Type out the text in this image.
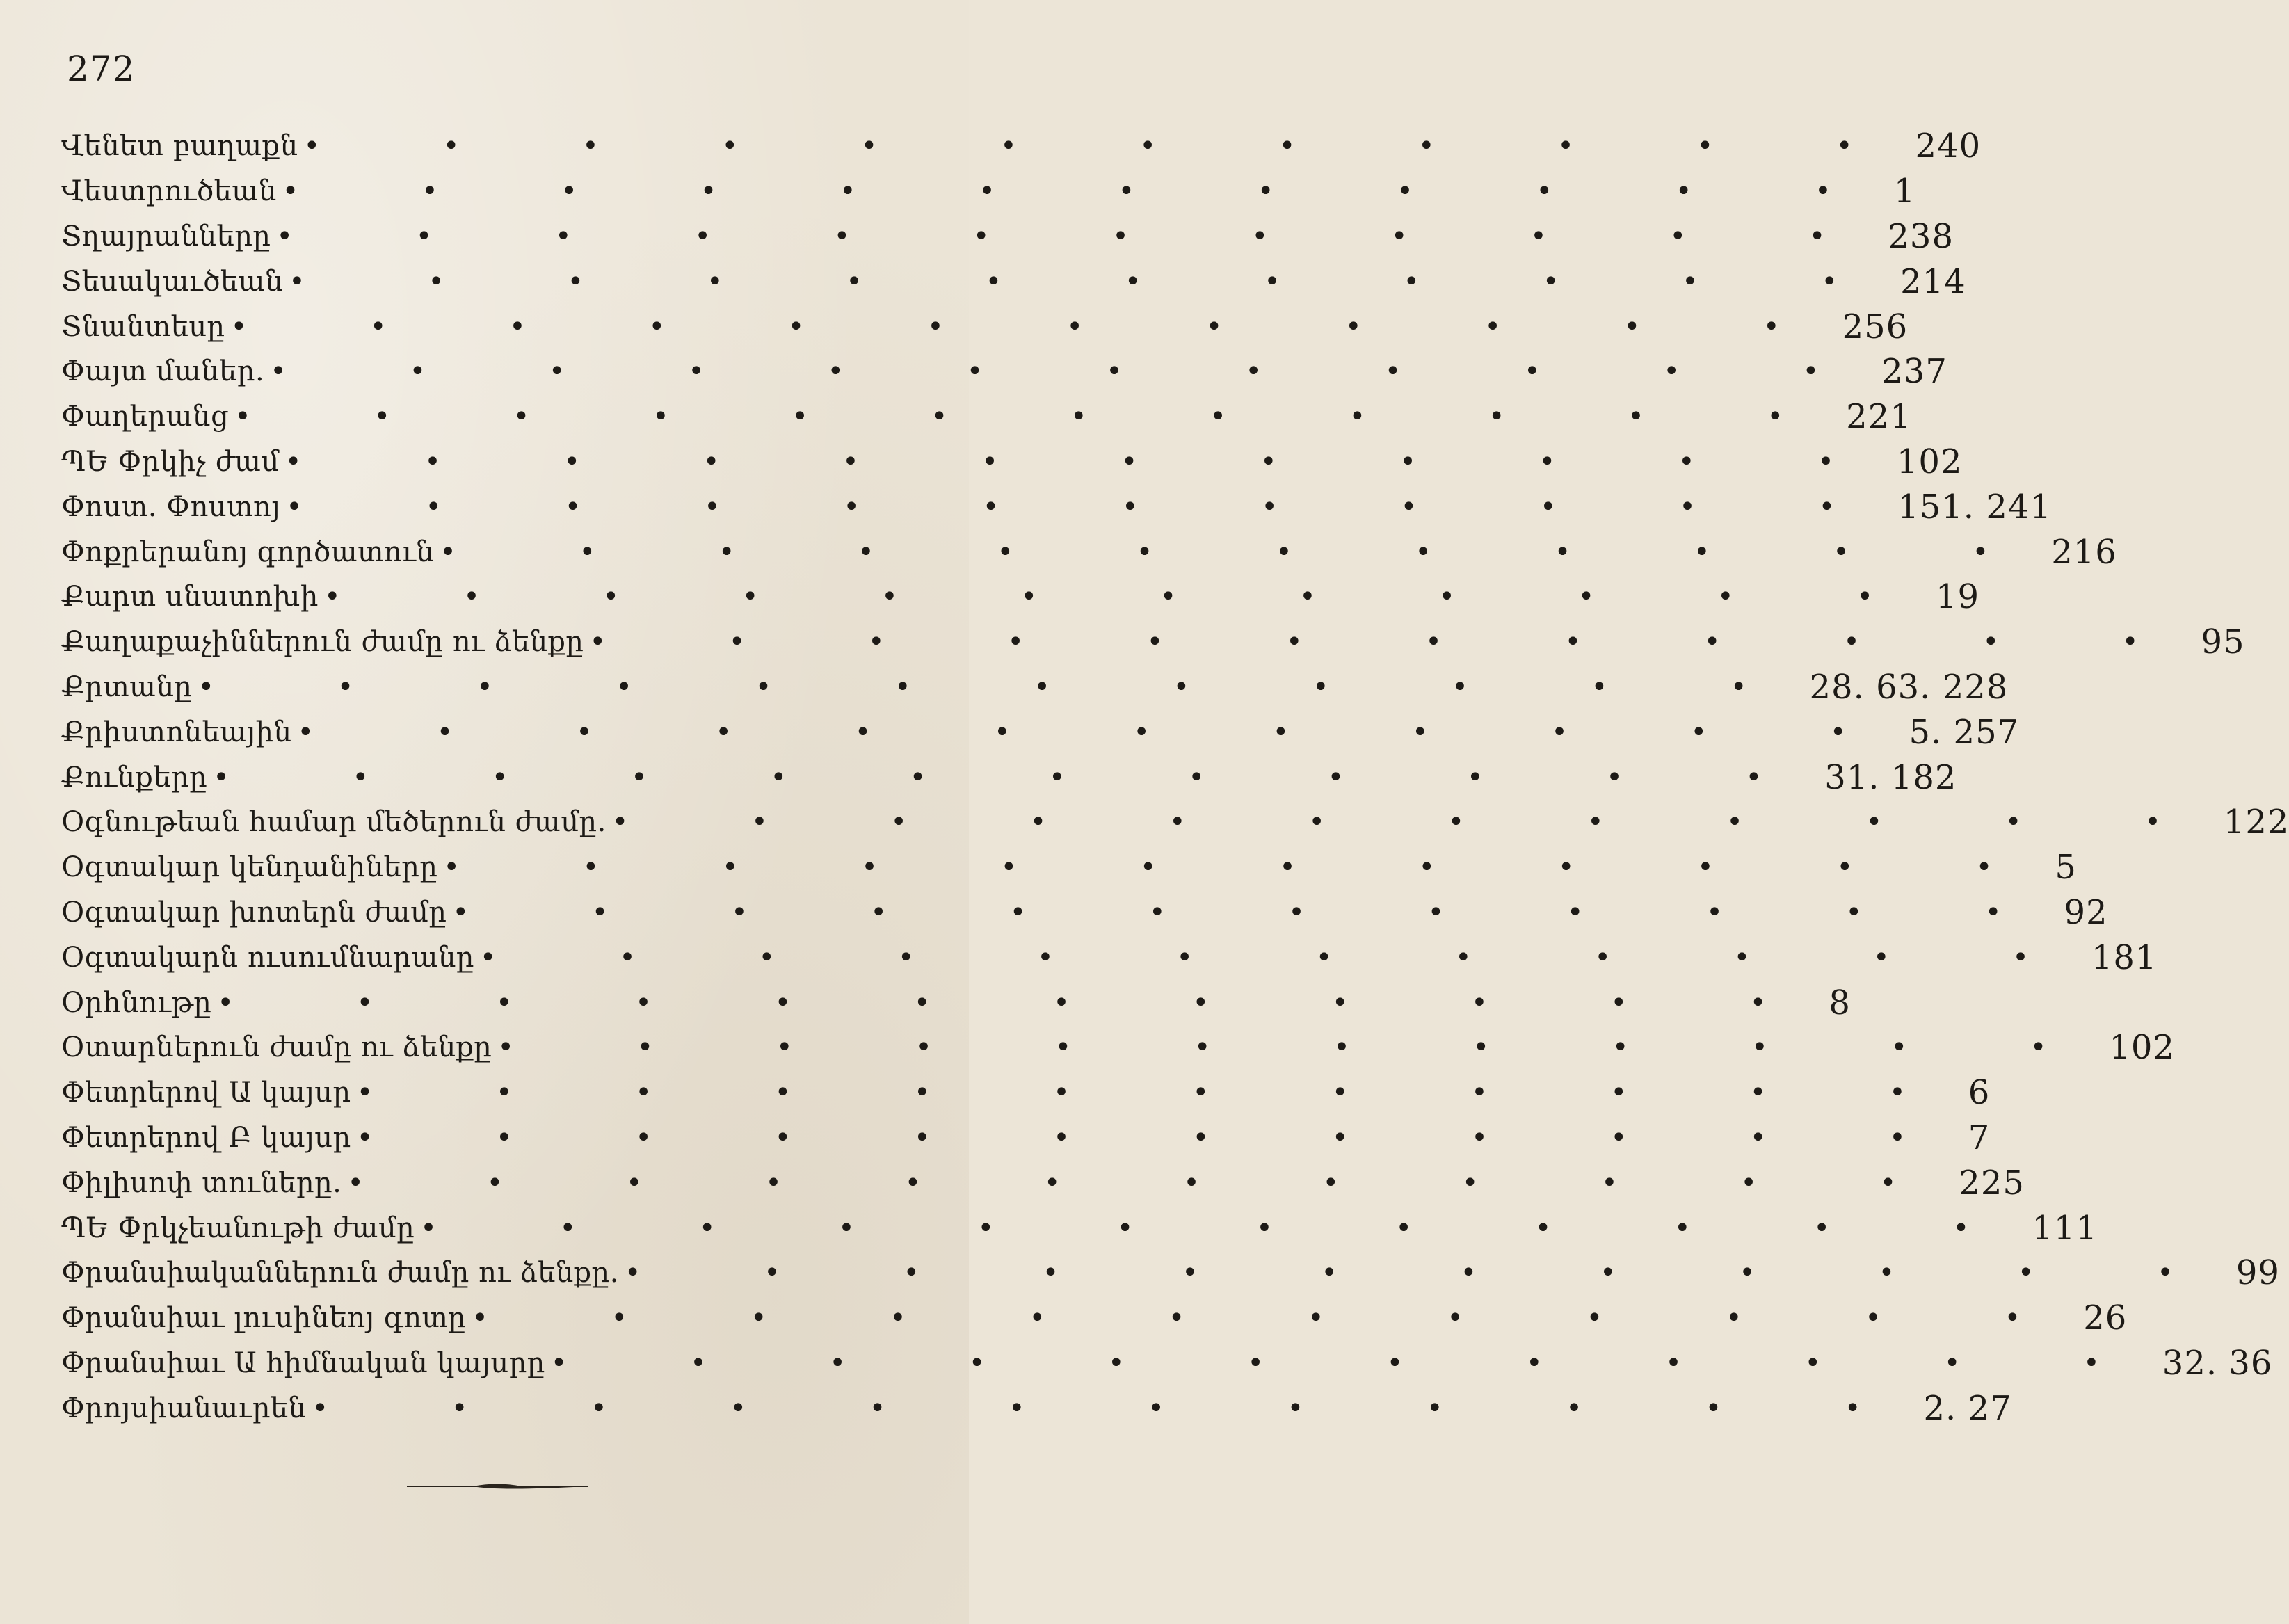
272
Վենետ բաղաքն • • • • • • • • • • • • 240
Վեստրուծեան • • • • • • • • • • • • 1
Տղայրանները • • • • • • • • • • • • 238
Տեսակաւծեան • • • • • • • • • • • • 214
Տնանտեսը • • • • • • • • • • • • 256
Փայտ մաներ. • • • • • • • • • • • • 237
Փաղերանց • • • • • • • • • • • • 221
ՊԵ Փրկիչ ժամ • • • • • • • • • • • • 102
Փոստ. Փոստոյ • • • • • • • • • • • • 151. 241
Փոքրերանոյ գործատուն • • • • • • • • • • • • 216
Քարտ սնատոխի • • • • • • • • • • • • 19
Քաղաքաչիններուն ժամը ու ձենքը • • • • • • • • • • • • 95
Քրտանը • • • • • • • • • • • • 28. 63. 228
Քրիստոնեային • • • • • • • • • • • • 5. 257
Քունքերը • • • • • • • • • • • • 31. 182
Օգնութեան համար մեծերուն ժամը. • • • • • • • • • • • • 122
Օգտակար կենդանիները • • • • • • • • • • • • 5
Օգտակար խոտերն ժամը • • • • • • • • • • • • 92
Օգտակարն ուսումնարանը • • • • • • • • • • • • 181
Օրհնութը • • • • • • • • • • • • 8
Օտարներուն ժամը ու ձենքը • • • • • • • • • • • • 102
Փետրերով Ա կայսր • • • • • • • • • • • • 6
Փետրերով Բ կայսր • • • • • • • • • • • • 7
Փիլիսոփ տուները. • • • • • • • • • • • • 225
ՊԵ Փրկչեանութի ժամը • • • • • • • • • • • • 111
Փրանսիականներուն ժամը ու ձենքը. • • • • • • • • • • • • 99
Փրանսիաւ լուսինեոյ գոտը • • • • • • • • • • • • 26
Փրանսիաւ Ա հիմնական կայսրը • • • • • • • • • • • • 32. 36
Փրոյսիանաւրեն • • • • • • • • • • • • 2. 27
